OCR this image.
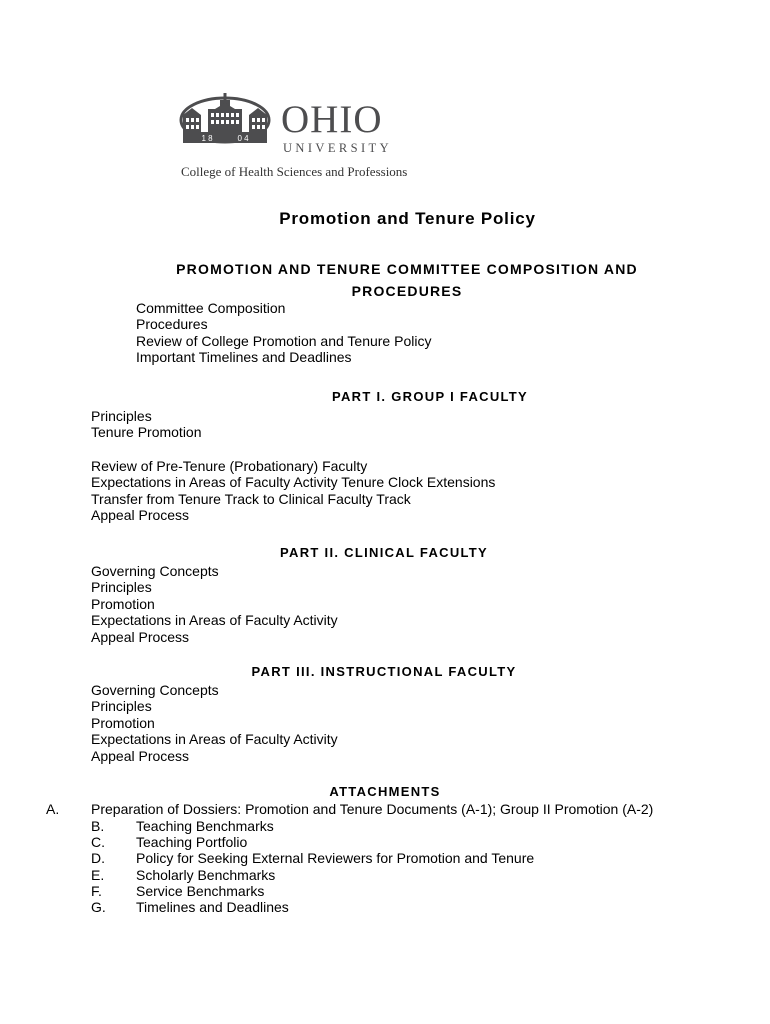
1 8	0 4 OHIO
UNIVERSITY
College of Health Sciences and Professions
Promotion and Tenure Policy
PROMOTION AND TENURE COMMITTEE COMPOSITION AND PROCEDURES
Committee Composition
Procedures
Review of College Promotion and Tenure Policy
Important Timelines and Deadlines
PART I. GROUP I FACULTY
Principles
Tenure Promotion
Review of Pre-Tenure (Probationary) Faculty
Expectations in Areas of Faculty Activity Tenure Clock Extensions
Transfer from Tenure Track to Clinical Faculty Track
Appeal Process
PART II. CLINICAL FACULTY
Governing Concepts
Principles
Promotion
Expectations in Areas of Faculty Activity
Appeal Process
PART III. INSTRUCTIONAL FACULTY
Governing Concepts
Principles
Promotion
Expectations in Areas of Faculty Activity
Appeal Process
ATTACHMENTS
A. Preparation of Dossiers: Promotion and Tenure Documents (A-1); Group II Promotion (A-2)
B. Teaching Benchmarks
C. Teaching Portfolio
D. Policy for Seeking External Reviewers for Promotion and Tenure
E. Scholarly Benchmarks
F. Service Benchmarks
G. Timelines and Deadlines
